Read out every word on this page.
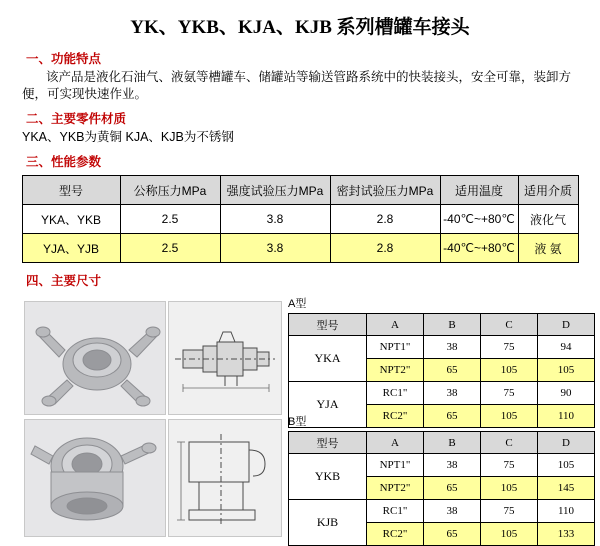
YK、YKB、KJA、KJB 系列槽罐车接头
一、功能特点
该产品是液化石油气、液氨等槽罐车、储罐站等输送管路系统中的快装接头，安全可靠，装卸方便，可实现快速作业。
二、主要零件材质
YKA、YKB为黄铜 KJA、KJB为不锈钢
三、性能参数
型号	公称压力MPa	强度试验压力MPa	密封试验压力MPa	适用温度	适用介质
YKA、YKB	2.5	3.8	2.8	-40℃~+80℃	液化气
YJA、YJB	2.5	3.8	2.8	-40℃~+80℃	液 氨
四、主要尺寸
A型
型号	A	B	C	D
YKA	NPT1"	38	75	94
	NPT2"	65	105	105
YJA	RC1"	38	75	90
	RC2"	65	105	110
B型
型号	A	B	C	D
YKB	NPT1"	38	75	105
	NPT2"	65	105	145
KJB	RC1"	38	75	110
	RC2"	65	105	133
